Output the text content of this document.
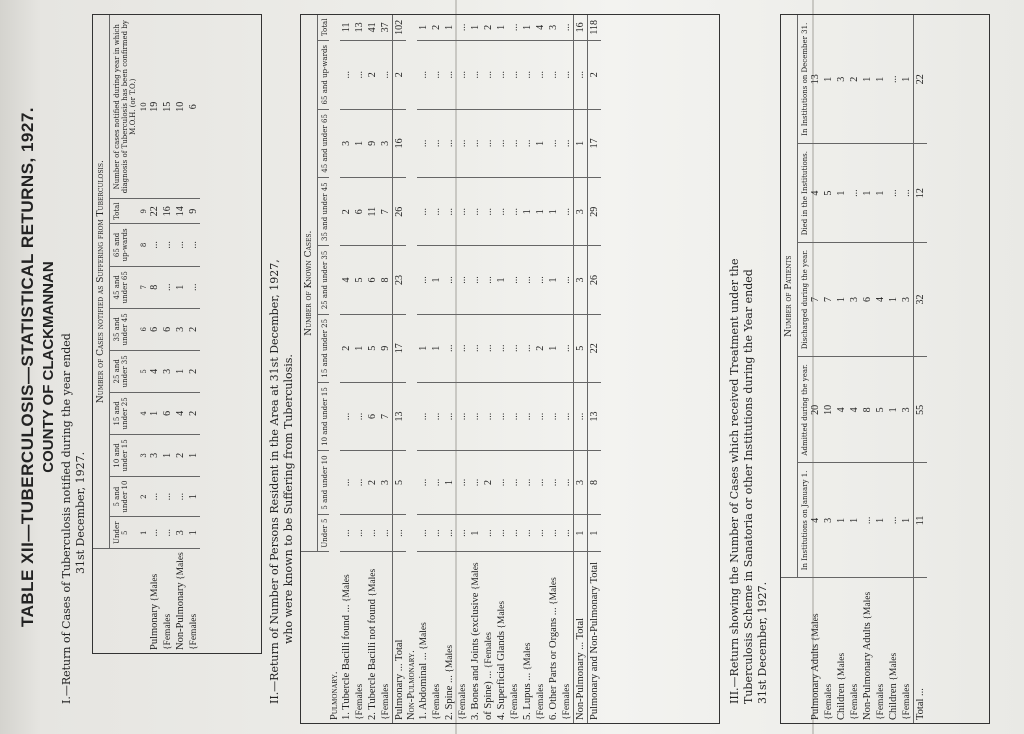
TABLE XII—TUBERCULOSIS—STATISTICAL RETURNS, 1927. COUNTY OF CLACKMANNAN I.—Return of Cases of Tuberculosis notified during the year ended 31st December, 1927.
	Number of Cases notified as Suffering from Tuberculosis.									
	Under 5	5 and under 10	10 and under 15	15 and under 25	25 and under 35	35 and under 45	45 and under 65	65 and up-wards	Total	Number of cases notified during year in which diagnosis of Tuberculosis has been confirmed by M.O.H. (or T.O.)
	1	2	3	4	5	6	7	8	9	10
Pulmonary {Males	...	...	3	1	4	6	8	...	22	19
{Females	...	...	1	6	3	6	...	...	16	15
Non-Pulmonary {Males	3	...	2	4	1	3	1	...	14	10
{Females	1	1	1	2	2	2	...	...	9	6
II.—Return of Number of Persons Resident in the Area at 31st December, 1927, who were known to be Suffering from Tuberculosis.
	Number of Known Cases.								
	Under 5	5 and under 10	10 and under 15	15 and under 25	25 and under 35	35 and under 45	45 and under 65	65 and up-wards	Total
Pulmonary.									
1. Tubercle Bacilli found ... {Males	...	...	...	2	4	2	3	...	11
{Females	...	...	...	1	5	6	1	...	13
2. Tubercle Bacilli not found {Males	...	2	6	5	6	11	9	2	41
{Females	...	3	7	9	8	7	3	...	37
Pulmonary ... Total	...	5	13	17	23	26	16	2	102
Non-Pulmonary.									
1. Abdominal ... {Males	...	...	...	1	...	...	...	...	1
{Females	...	...	...	1	1	...	...	...	2
2. Spine ... {Males	...	1	...	...	...	...	...	...	1
{Females	...	...	...	...	...	...	...	...	...
3. Bones and Joints (exclusive {Males	1	...	...	...	...	...	...	...	1
of Spine) ... {Females	...	2	...	...	...	...	...	...	2
4. Superficial Glands {Males	...	...	...	...	1	...	...	...	1
{Females	...	...	...	...	...	...	...	...	...
5. Lupus ... {Males	...	...	...	...	...	1	...	...	1
{Females	...	...	...	2	...	1	1	...	4
6. Other Parts or Organs ... {Males	...	...	...	1	1	1	...	...	3
{Females	...	...	...	...	...	...	...	...	...
Non-Pulmonary ... Total	1	3	...	5	3	3	1	...	16
Pulmonary and Non-Pulmonary Total	1	8	13	22	26	29	17	2	118
III.—Return showing the Number of Cases which received Treatment under the Tuberculosis Scheme in Sanatoria or other Institutions during the Year ended 31st December, 1927.
	Number of Patients				
	In Institutions on January 1.	Admitted during the year.	Discharged during the year.	Died in the Institutions.	In Institutions on December 31.
Pulmonary Adults {Males	4	20	7	4	13
{Females	3	10	7	5	1
Children {Males	1	4	1	1	3
{Females	1	4	3	...	2
Non-Pulmonary Adults {Males	...	8	6	1	1
{Females	1	5	4	1	1
Children {Males	...	1	1	...	...
{Females	1	3	3	...	1
Total ...	11	55	32	12	22
